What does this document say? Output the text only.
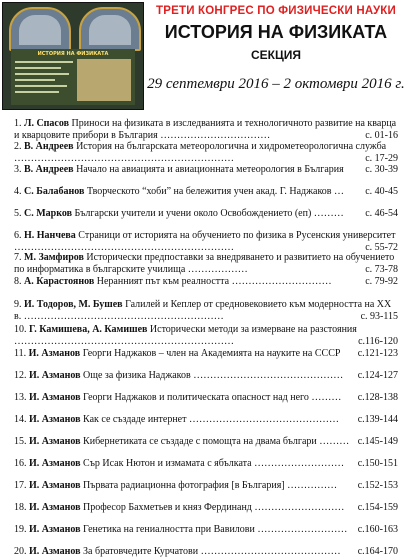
ИСТОРИЯ НА ФИЗИКАТА
ТРЕТИ КОНГРЕС ПО ФИЗИЧЕСКИ НАУКИ
ИСТОРИЯ НА ФИЗИКАТА
СЕКЦИЯ
29 септември 2016 – 2 октомври 2016 г.
1. Л. Спасов Приноси на физиката в изследванията и технологичното развитие на кварца и кварцовите прибори в България ……………………………	с. 01-16
2. В. Андреев История на българската метеорологична и хидрометеорологична служба …………………………………………………………	с. 17-29
3. В. Андреев Начало на авиацията и авиационната метеорология в България	с. 30-39
4. С. Балабанов Творческото “хоби” на бележития учен акад. Г. Наджаков …	с. 40-45
5. С. Марков Български учители и учени около Освобождението (еп) ………	с. 46-54
6. Н. Нанчева Страници от историята на обучението по физика в Русенския университет …………………………………………………………	с. 55-72
7. М. Замфиров Исторически предпоставки за внедряването и развитието на обучението по информатика в българските училища ………………	с. 73-78
8. А. Карастоянов Неранният път към реалността …………………………	с. 79-92
9. И. Тодоров, М. Бушев Галилей и Кеплер от средновековието към модерността на ХХ в. ……………………………………………………	с. 93-115
10. Г. Камишева, А. Камишев Исторически методи за измерване на разстояния …………………………………………………………	с.116-120
11. И. Азманов Георги Наджаков – член на Академията на науките на СССР	с.121-123
12. И. Азманов Още за физика Наджаков ………………………………………	с.124-127
13. И. Азманов Георги Наджаков и политическата опасност над него ………	с.128-138
14. И. Азманов Как се създаде интернет ………………………………………	с.139-144
15. И. Азманов Кибернетиката се създаде с помощта на двама българи ……… с.145-149
16. И. Азманов Сър Исак Нютон и измамата с ябълката ………………………	с.150-151
17. И. Азманов Първата радиационна фотография [в България] ……………	с.152-153
18. И. Азманов Професор Бахметьев и княз Фердинанд ………………………	с.154-159
19. И. Азманов Генетика на гениалността при Вавилови ………………………	с.160-163
20. И. Азманов За братовчедите Курчатови ……………………………………	с.164-170
